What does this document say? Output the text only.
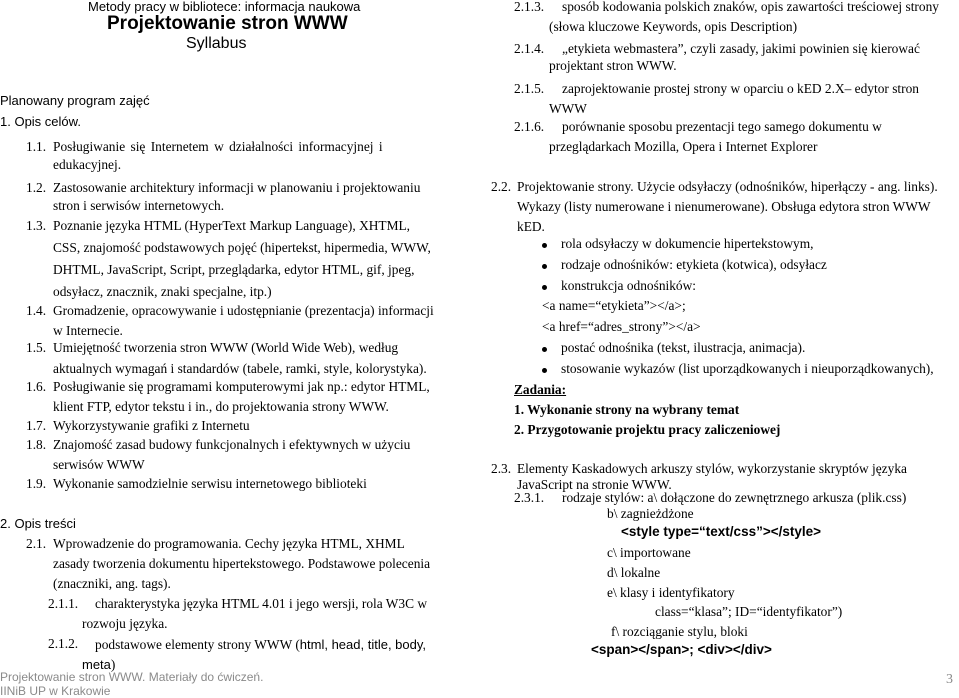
Metody pracy w bibliotece: informacja naukowa
Projektowanie stron WWW
Syllabus
Planowany program zajęć
1. Opis celów.
1.1. Posługiwanie się Internetem w działalności informacyjnej i
edukacyjnej.
1.2. Zastosowanie architektury informacji w planowaniu i projektowaniu
stron i serwisów internetowych.
1.3. Poznanie języka HTML (HyperText Markup Language), XHTML,
CSS, znajomość podstawowych pojęć (hipertekst, hipermedia, WWW,
DHTML, JavaScript, Script, przeglądarka, edytor HTML, gif, jpeg,
odsyłacz, znacznik, znaki specjalne, itp.)
1.4. Gromadzenie, opracowywanie i udostępnianie (prezentacja) informacji
w Internecie.
1.5. Umiejętność tworzenia stron WWW (World Wide Web), według
aktualnych wymagań i standardów (tabele, ramki, style, kolorystyka).
1.6. Posługiwanie się programami komputerowymi jak np.: edytor HTML,
klient FTP, edytor tekstu i in., do projektowania strony WWW.
1.7. Wykorzystywanie grafiki z Internetu
1.8. Znajomość zasad budowy funkcjonalnych i efektywnych w użyciu
serwisów WWW
1.9. Wykonanie samodzielnie serwisu internetowego biblioteki
2. Opis treści
2.1. Wprowadzenie do programowania. Cechy języka HTML, XHML
zasady tworzenia dokumentu hipertekstowego. Podstawowe polecenia
(znaczniki, ang. tags).
2.1.1. charakterystyka języka HTML 4.01 i jego wersji, rola W3C w
rozwoju języka.
2.1.2. podstawowe elementy strony WWW (html, head, title, body,
meta)
2.1.3. sposób kodowania polskich znaków, opis zawartości treściowej strony
(słowa kluczowe Keywords, opis Description)
2.1.4. „etykieta webmastera”, czyli zasady, jakimi powinien się kierować
projektant stron WWW.
2.1.5. zaprojektowanie prostej strony w oparciu o kED 2.X– edytor stron
WWW
2.1.6. porównanie sposobu prezentacji tego samego dokumentu w
przeglądarkach Mozilla, Opera i Internet Explorer
2.2. Projektowanie strony. Użycie odsyłaczy (odnośników, hiperłączy - ang. links).
Wykazy (listy numerowane i nienumerowane). Obsługa edytora stron WWW
kED.
rola odsyłaczy w dokumencie hipertekstowym,
rodzaje odnośników: etykieta (kotwica), odsyłacz
konstrukcja odnośników:
<a name=“etykieta”></a>;
<a href=“adres_strony”></a>
postać odnośnika (tekst, ilustracja, animacja).
stosowanie wykazów (list uporządkowanych i nieuporządkowanych),
Zadania:
1. Wykonanie strony na wybrany temat
2. Przygotowanie projektu pracy zaliczeniowej
2.3. Elementy Kaskadowych arkuszy stylów, wykorzystanie skryptów języka
JavaScript na stronie WWW.
2.3.1. rodzaje stylów: a\ dołączone do zewnętrznego arkusza (plik.css)
b\ zagnieżdżone
<style type=“text/css”></style>
c\ importowane
d\ lokalne
e\ klasy i identyfikatory
class=“klasa”; ID=“identyfikator”)
f\ rozciąganie stylu, bloki
<span></span>; <div></div>
Projektowanie stron WWW. Materiały do ćwiczeń.
IINiB UP w Krakowie
3
